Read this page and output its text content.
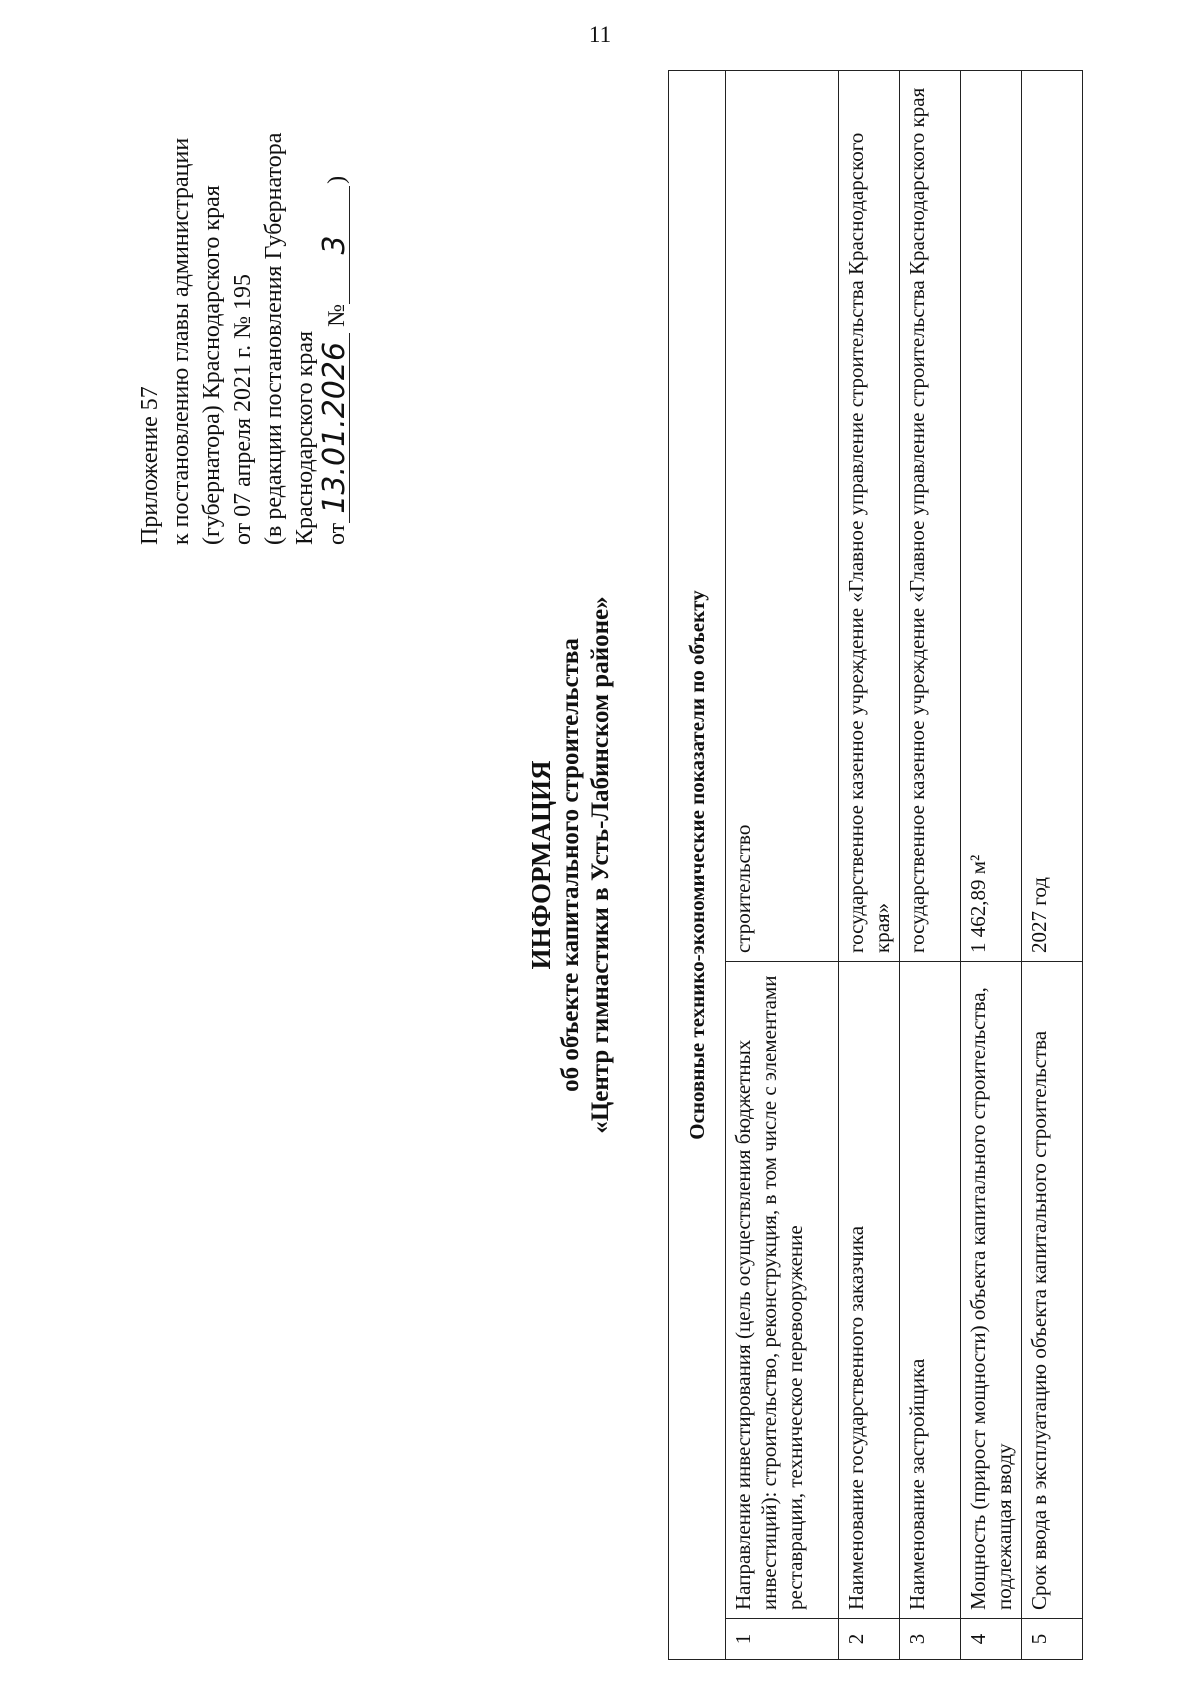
11
Приложение 57 к постановлению главы администрации (губернатора) Краснодарского края от 07 апреля 2021 г. № 195 (в редакции постановления Губернатора Краснодарского края от13.01.2026№3)
ИНФОРМАЦИЯ об объекте капитального строительства «Центр гимнастики в Усть-Лабинском районе»	Основные технико-экономические показатели по объекту		
1	Направление инвестирования (цель осуществления бюджетных инвестиций): строительство, реконструкция, в том числе с элементами реставрации, техническое перевооружение	строительство
2	Наименование государственного заказчика	государственное казенное учреждение «Главное управление строительства Краснодарского края»
3	Наименование застройщика	государственное казенное учреждение «Главное управление строительства Краснодарского края
4	Мощность (прирост мощности) объекта капитального строительства, подлежащая вводу	1 462,89 м²
5	Срок ввода в эксплуатацию объекта капитального строительства	2027 год
